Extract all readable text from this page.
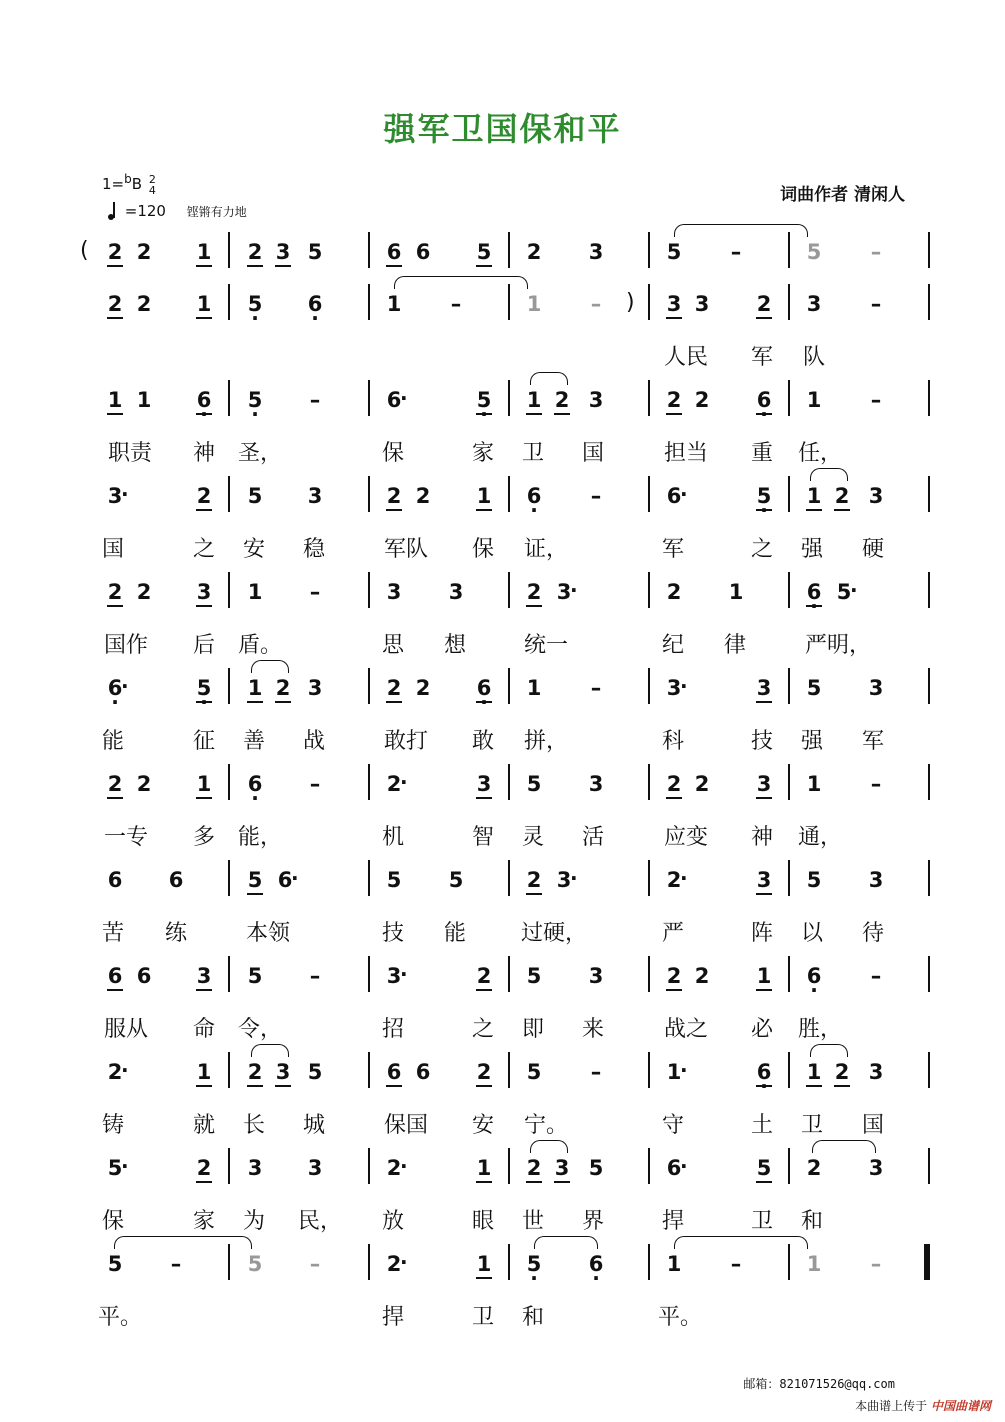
强军卫国保和平
1=$^b$B 2
4
=120 铿锵有力地
词曲作者 清闲人
( 2 2 1 2 3 5	6 6 5 2 3	5 –	5 –
2 2 1 · 5 · 6	1 –	1 – ) 3 3 2 3 –
人民	军 队
1 1 · 6 · 5 –	6 ·	· 5 1 2 3	2 2 · 6 1 –
职责	神	圣，	保	家 卫 国	担当	重	任，
3 ·	2 5 3	2 2 1 · 6 –	6 ·	· 5 1 2 3
国	之 安 稳	军队	保	证，	军	之 强 硬
2 2 3 1 –	3 3	2 3 ·	2 1	· 6 5 ·
国作	后	盾。	思 想	统一	纪 律	严明，
· 6 ·	· 5 1 2 3	2 2 · 6 1 –	3 ·	3 5 3
能	征 善 战	敢打	敢	拼，	科	技 强 军
2 2 1 · 6 –	2 ·	3 5 3	2 2 3 1 –
一专	多	能，	机	智 灵 活	应变	神	通，
6 6	5 6 ·	5 5	2 3 ·	2 ·	3 5 3
苦 练	本领	技 能	过硬，	严	阵 以 待
6 6 3 5 –	3 ·	2 5 3	2 2 1 · 6 –
服从	命	令，	招	之 即 来	战之	必	胜，
2 ·	1 2 3 5	6 6 2 5 –	1 ·	· 6 1 2 3
铸	就 长 城	保国	安	宁。	守	土 卫 国
5 ·	2 3 3	2 ·	1 2 3 5	6 ·	5 2 3
保	家 为	民，	放	眼 世 界	捍	卫 和
5 –	5 –	2 ·	1 · 5 · 6	1 –	1 –
平。	捍	卫 和	平。
邮箱：821071526@qq.com
本曲谱上传于 中国曲谱网
